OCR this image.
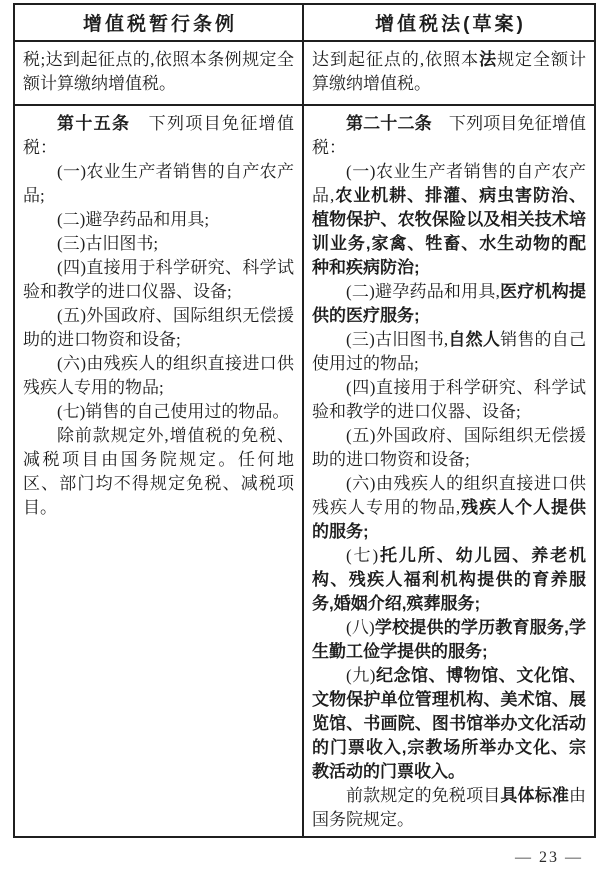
增值税暂行条例	增值税法(草案)

税;达到起征点的,依照本条例规定全额计算缴纳增值税。

达到起征点的,依照本法规定全额计算缴纳增值税。

第十五条　下列项目免征增值税：

(一)农业生产者销售的自产农产品;

(二)避孕药品和用具;

(三)古旧图书;

(四)直接用于科学研究、科学试验和教学的进口仪器、设备;

(五)外国政府、国际组织无偿援助的进口物资和设备;

(六)由残疾人的组织直接进口供残疾人专用的物品;

(七)销售的自己使用过的物品。

除前款规定外,增值税的免税、减税项目由国务院规定。任何地区、部门均不得规定免税、减税项目。

第二十二条　下列项目免征增值税：

(一)农业生产者销售的自产农产品,农业机耕、排灌、病虫害防治、植物保护、农牧保险以及相关技术培训业务,家禽、牲畜、水生动物的配种和疾病防治;

(二)避孕药品和用具,医疗机构提供的医疗服务;

(三)古旧图书,自然人销售的自己使用过的物品;

(四)直接用于科学研究、科学试验和教学的进口仪器、设备;

(五)外国政府、国际组织无偿援助的进口物资和设备;

(六)由残疾人的组织直接进口供残疾人专用的物品,残疾人个人提供的服务;

(七)托儿所、幼儿园、养老机构、残疾人福利机构提供的育养服务,婚姻介绍,殡葬服务;

(八)学校提供的学历教育服务,学生勤工俭学提供的服务;

(九)纪念馆、博物馆、文化馆、文物保护单位管理机构、美术馆、展览馆、书画院、图书馆举办文化活动的门票收入,宗教场所举办文化、宗教活动的门票收入。

前款规定的免税项目具体标准由国务院规定。

— 23 —
